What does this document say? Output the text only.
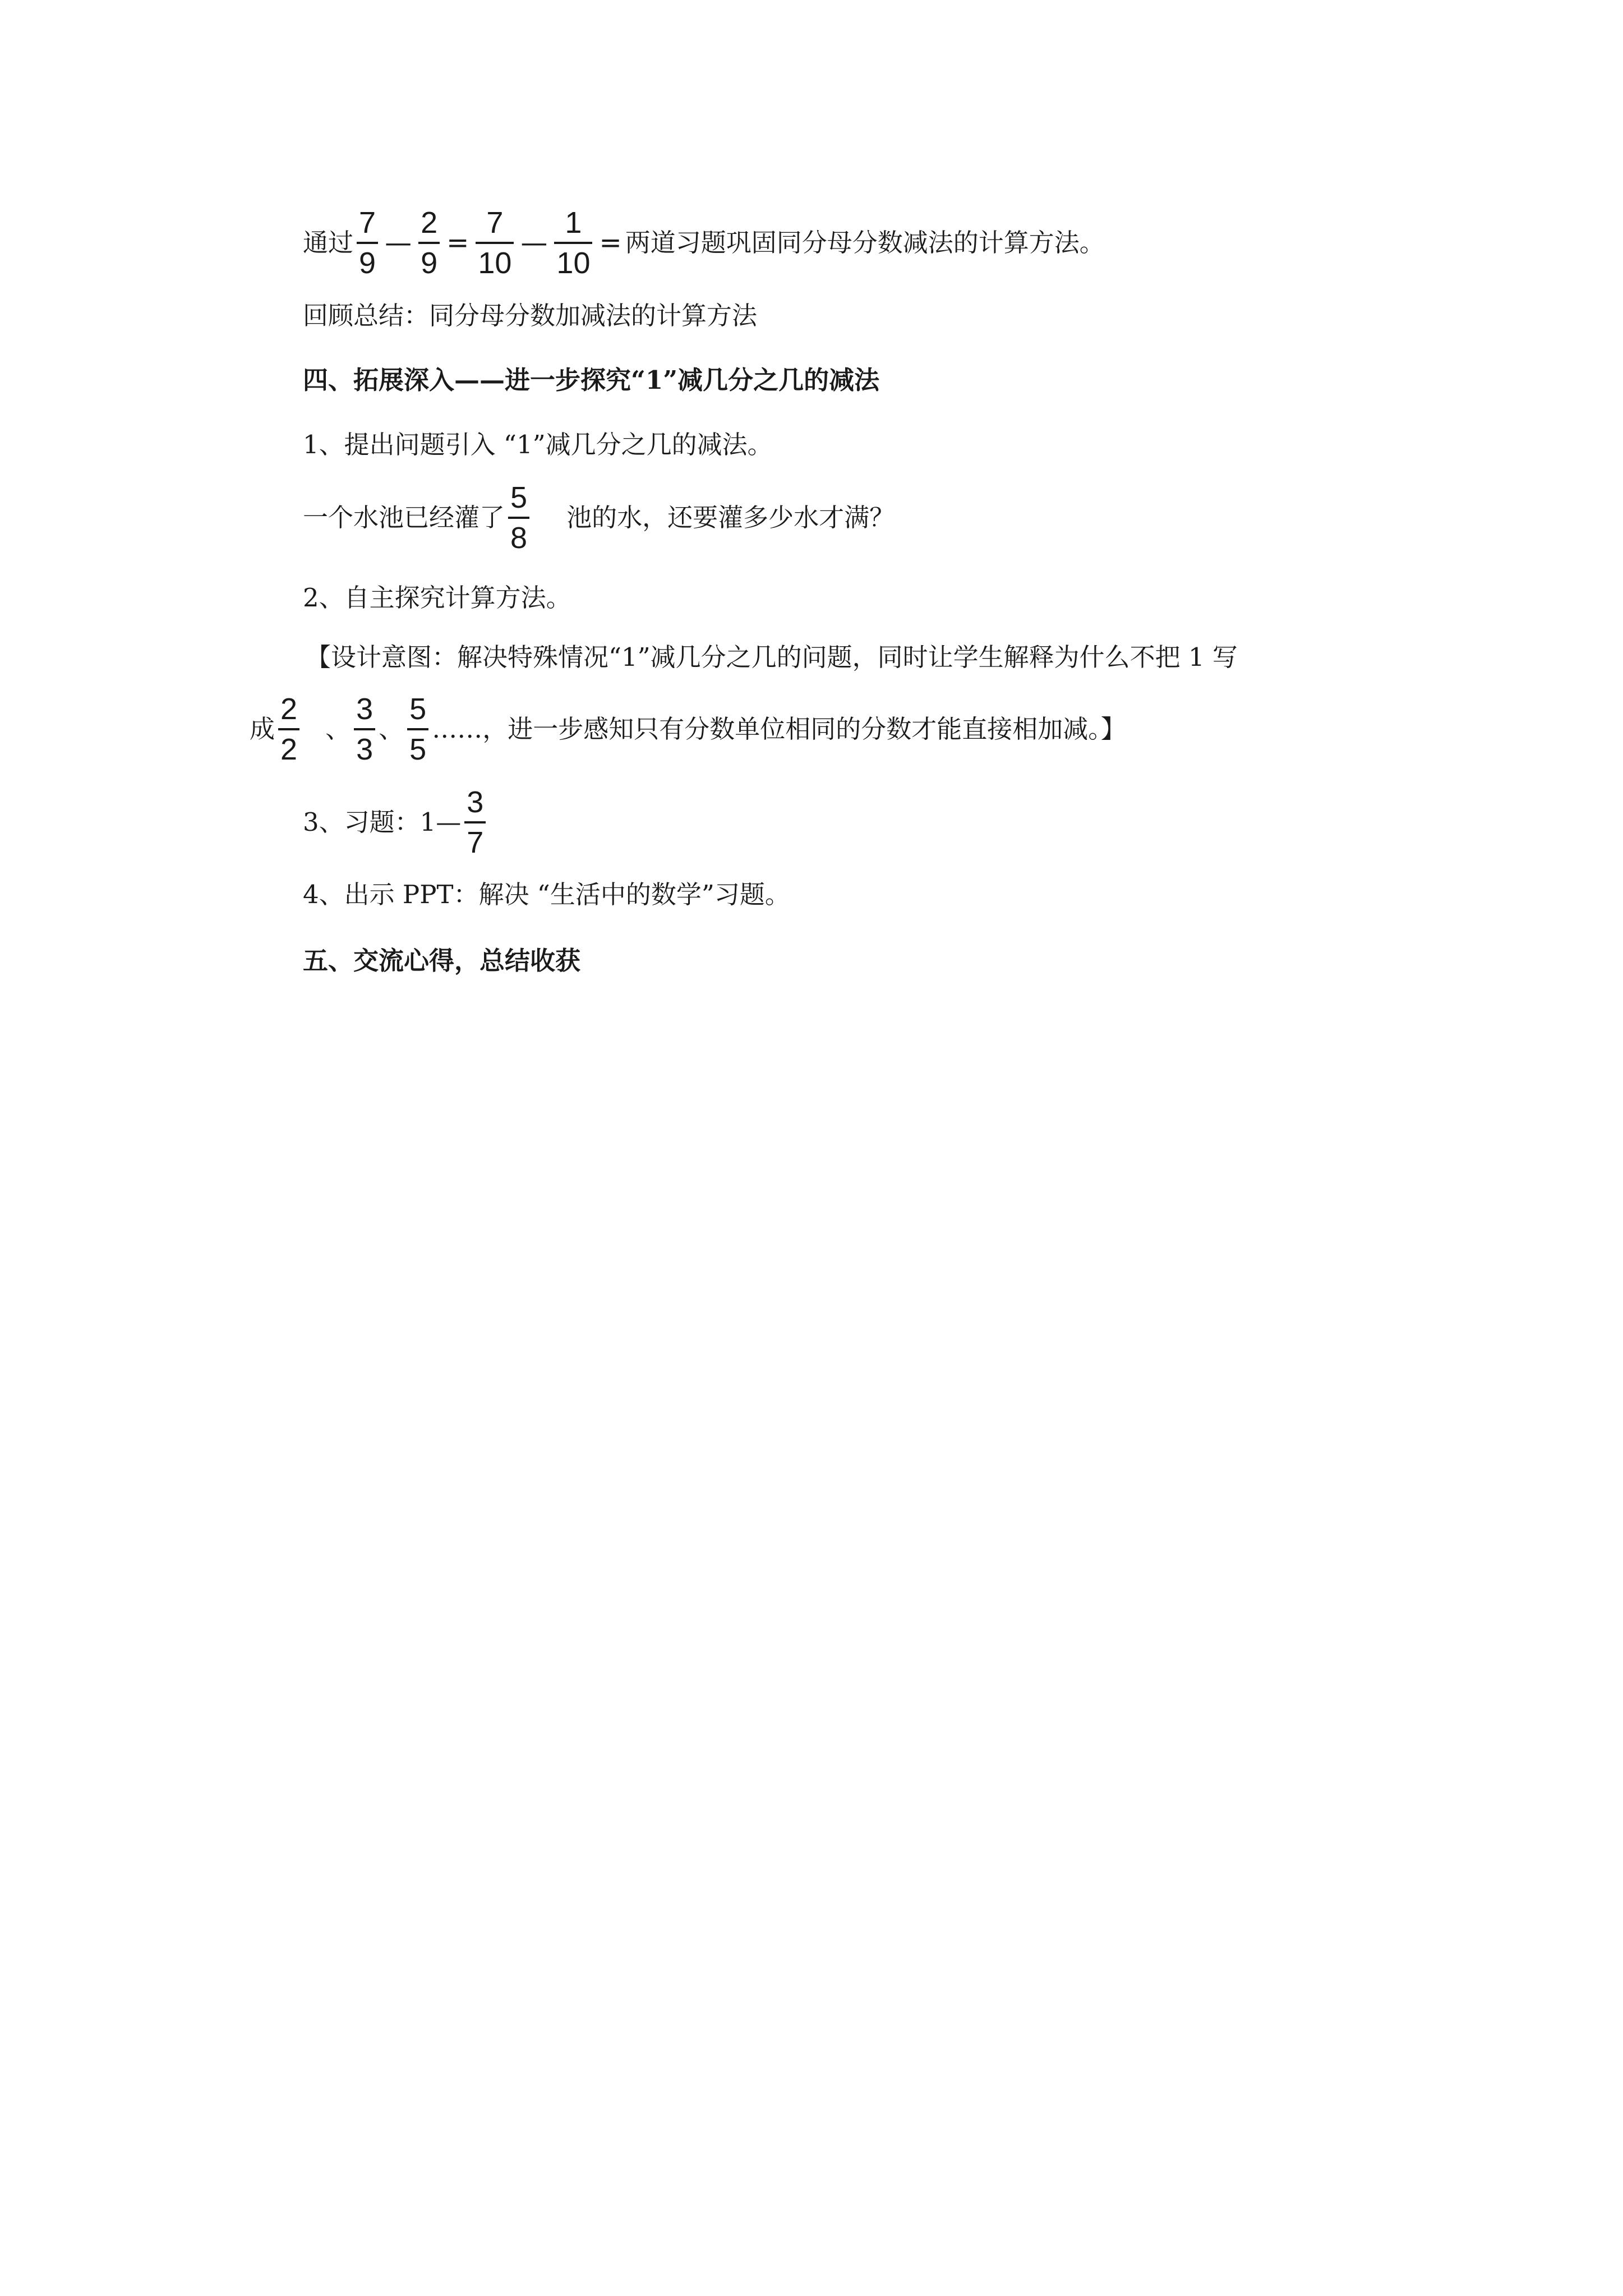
通过 $\frac{7}{9}$ — $\frac{2}{9} = \frac{7}{10}$ — $\frac{1}{10}$ = 两道习题巩固同分母分数减法的计算方法。
回顾总结：同分母分数加减法的计算方法
四、拓展深入——进一步探究“1”减几分之几的减法
1、提出问题引入 “1”减几分之几的减法。
一个水池已经灌了 $\frac{5}{8}$ 池的水，还要灌多少水才满？
2、自主探究计算方法。
【设计意图：解决特殊情况“1”减几分之几的问题，同时让学生解释为什么不把 1 写
成 $\frac{2}{2}$ 、 $\frac{3}{3}$ 、 $\frac{5}{5}$ ……，进一步感知只有分数单位相同的分数才能直接相加减。】
3、习题：1— $\frac{3}{7}$
4、出示 PPT：解决 “生活中的数学”习题。
五、交流心得，总结收获
